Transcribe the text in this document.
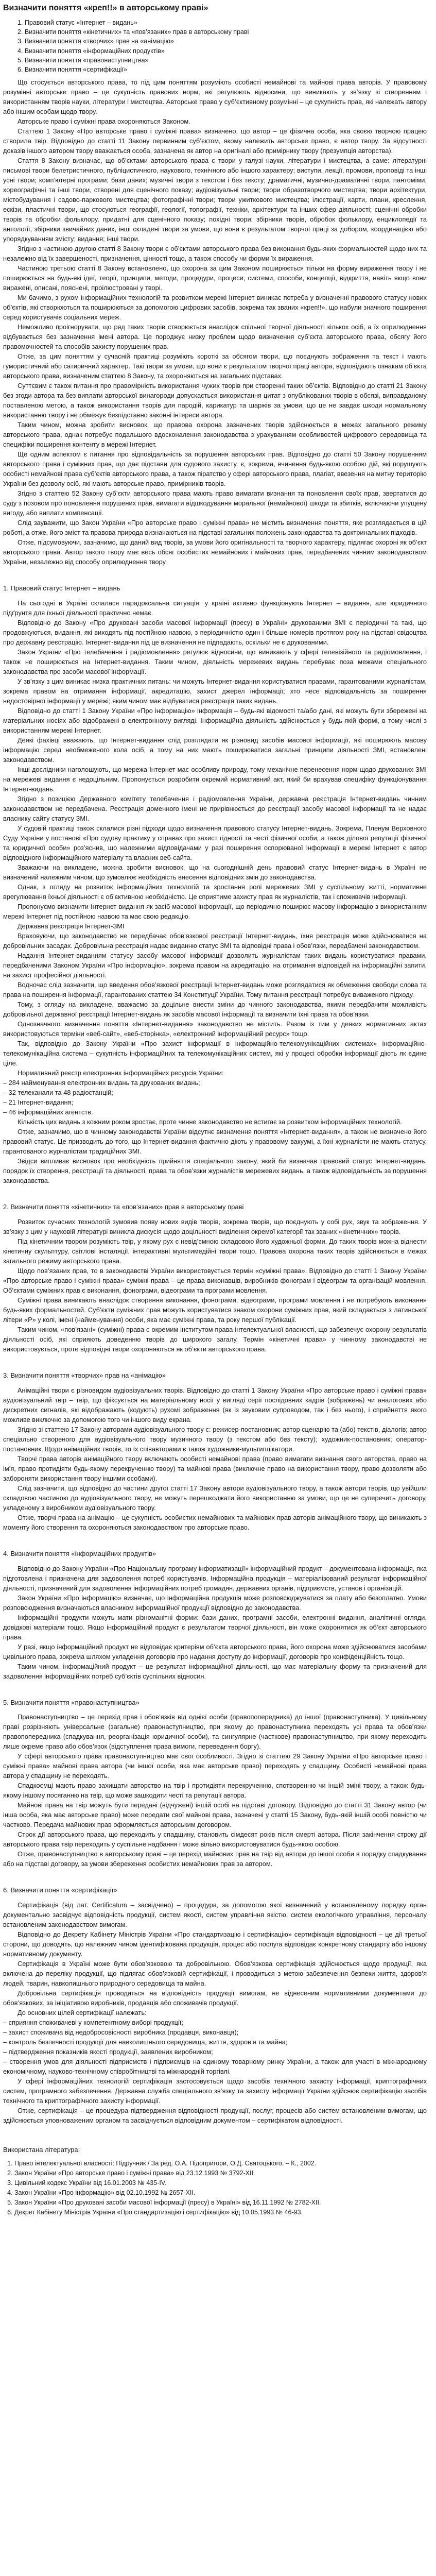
Визначити поняття «креп!!» в авторському праві»
1. Правовий статус «Інтернет – видань»
2. Визначити поняття «кінетичних» та «пов’язаних» прав в авторському праві
3. Визначити поняття «творчих» прав на «анімацію»
4. Визначити поняття «інформаційних продуктів»
5. Визначити поняття «правонаступництва»
6. Визначити поняття «сертифікації»

Що стосується авторського права, то під цим поняттям розуміють особисті немайнові та майнові права авторів. У правовому розумінні авторське право – це сукупність правових норм, які регулюють відносини, що виникають у зв’язку зі створенням і використанням творів науки, літератури і мистецтва. Авторське право у суб’єктивному розумінні – це сукупність прав, які належать автору або іншим особам щодо твору.

Авторське право і суміжні права охороняються Законом.

Статтею 1 Закону «Про авторське право і суміжні права» визначено, що автор – це фізична особа, яка своєю творчою працею створила твір. Відповідно до статті 11 Закону первинним суб’єктом, якому належить авторське право, є автор твору. За відсутності доказів іншого автором твору вважається особа, зазначена як автор на оригіналі або примірнику твору (презумпція авторства).

Стаття 8 Закону визначає, що об’єктами авторського права є твори у галузі науки, літератури і мистецтва, а саме: літературні письмові твори белетристичного, публіцистичного, наукового, технічного або іншого характеру; виступи, лекції, промови, проповіді та інші усні твори; комп’ютерні програми; бази даних; музичні твори з текстом і без тексту; драматичні, музично-драматичні твори, пантоміми, хореографічні та інші твори, створені для сценічного показу; аудіовізуальні твори; твори образотворчого мистецтва; твори архітектури, містобудування і садово-паркового мистецтва; фотографічні твори; твори ужиткового мистецтва; ілюстрації, карти, плани, креслення, ескізи, пластичні твори, що стосуються географії, геології, топографії, техніки, архітектури та інших сфер діяльності; сценічні обробки творів та обробки фольклору, придатні для сценічного показу; похідні твори; збірники творів, обробок фольклору, енциклопедії та антології, збірники звичайних даних, інші складені твори за умови, що вони є результатом творчої праці за добором, координацією або упорядкуванням змісту; видання; інші твори.

Згідно з частиною другою статті 8 Закону твори є об’єктами авторського права без виконання будь-яких формальностей щодо них та незалежно від їх завершеності, призначення, цінності тощо, а також способу чи форми їх вираження.

Частиною третьою статті 8 Закону встановлено, що охорона за цим Законом поширюється тільки на форму вираження твору і не поширюється на будь-які ідеї, теорії, принципи, методи, процедури, процеси, системи, способи, концепції, відкриття, навіть якщо вони виражені, описані, пояснені, проілюстровані у творі.

Ми бачимо, з рухом інформаційних технологій та розвитком мережі Інтернет виникає потреба у визначенні правового статусу нових об’єктів, які створюються та поширюються за допомогою цифрових засобів, зокрема так званих «креп!!», що набули значного поширення серед користувачів соціальних мереж.

Неможливо проігнорувати, що ряд таких творів створюється внаслідок спільної творчої діяльності кількох осіб, а їх оприлюднення відбувається без зазначення імені автора. Це породжує низку проблем щодо визначення суб’єкта авторського права, обсягу його правомочностей та способів захисту порушених прав.

Отже, за цим поняттям у сучасній практиці розуміють короткі за обсягом твори, що поєднують зображення та текст і мають гумористичний або сатиричний характер. Такі твори за умови, що вони є результатом творчої праці автора, відповідають ознакам об’єкта авторського права, визначеним статтею 8 Закону, та охороняються на загальних підставах.

Суттєвим є також питання про правомірність використання чужих творів при створенні таких об’єктів. Відповідно до статті 21 Закону без згоди автора та без виплати авторської винагороди допускається використання цитат з опублікованих творів в обсязі, виправданому поставленою метою, а також використання творів для пародій, карикатур та шаржів за умови, що це не завдає шкоди нормальному використанню твору і не обмежує безпідставно законні інтереси автора.

Таким чином, можна зробити висновок, що правова охорона зазначених творів здійснюється в межах загального режиму авторського права, однак потребує подальшого вдосконалення законодавства з урахуванням особливостей цифрового середовища та специфіки поширення контенту в мережі Інтернет.

Ще одним аспектом є питання про відповідальність за порушення авторських прав. Відповідно до статті 50 Закону порушенням авторського права і суміжних прав, що дає підстави для судового захисту, є, зокрема, вчинення будь-якою особою дій, які порушують особисті немайнові права суб’єктів авторського права, а також піратство у сфері авторського права, плагіат, ввезення на митну територію України без дозволу осіб, які мають авторське право, примірників творів.

Згідно з статтею 52 Закону суб’єкти авторського права мають право вимагати визнання та поновлення своїх прав, звертатися до суду з позовом про поновлення порушених прав, вимагати відшкодування моральної (немайнової) шкоди та збитків, включаючи упущену вигоду, або виплати компенсації.

Слід зауважити, що Закон України «Про авторське право і суміжні права» не містить визначення поняття, яке розглядається в цій роботі, а отже, його зміст та правова природа визначаються на підставі загальних положень законодавства та доктринальних підходів.

Отже, підсумовуючи, зазначимо, що даний вид творів, за умови його оригінальності та творчого характеру, підлягає охороні як об’єкт авторського права. Автор такого твору має весь обсяг особистих немайнових і майнових прав, передбачених чинним законодавством України, незалежно від способу оприлюднення твору.

1. Правовий статус Інтернет – видань

На сьогодні в Україні склалася парадоксальна ситуація: у країні активно функціонують Інтернет – видання, але юридичного підґрунтя для їхньої діяльності практично немає.

Відповідно до Закону «Про друковані засоби масової інформації (пресу) в Україні» друкованими ЗМІ є періодичні та такі, що продовжуються, видання, які виходять під постійною назвою, з періодичністю один і більше номерів протягом року на підставі свідоцтва про державну реєстрацію. Інтернет-видання під це визначення не підпадають, оскільки не є друкованими.

Закон України «Про телебачення і радіомовлення» регулює відносини, що виникають у сфері телевізійного та радіомовлення, і також не поширюється на Інтернет-видання. Таким чином, діяльність мережевих видань перебуває поза межами спеціального законодавства про засоби масової інформації.

У зв’язку з цим виникає низка практичних питань: чи можуть Інтернет-видання користуватися правами, гарантованими журналістам, зокрема правом на отримання інформації, акредитацію, захист джерел інформації; хто несе відповідальність за поширення недостовірної інформації у мережі; яким чином має відбуватися реєстрація таких видань.

Відповідно до статті 1 Закону України «Про інформацію» інформація – будь-які відомості та/або дані, які можуть бути збережені на матеріальних носіях або відображені в електронному вигляді. Інформаційна діяльність здійснюється у будь-якій формі, в тому числі з використанням мережі Інтернет.

Деякі фахівці вважають, що Інтернет-видання слід розглядати як різновид засобів масової інформації, які поширюють масову інформацію серед необмеженого кола осіб, а тому на них мають поширюватися загальні принципи діяльності ЗМІ, встановлені законодавством.

Інші дослідники наголошують, що мережа Інтернет має особливу природу, тому механічне перенесення норм щодо друкованих ЗМІ на мережеві видання є недоцільним. Пропонується розробити окремий нормативний акт, який би врахував специфіку функціонування Інтернет-видань.

Згідно з позицією Державного комітету телебачення і радіомовлення України, державна реєстрація Інтернет-видань чинним законодавством не передбачена. Реєстрація доменного імені не прирівнюється до реєстрації засобу масової інформації та не надає власнику сайту статусу ЗМІ.

У судовій практиці також склалися різні підходи щодо визначення правового статусу Інтернет-видань. Зокрема, Пленум Верховного Суду України у постанові «Про судову практику у справах про захист гідності та честі фізичної особи, а також ділової репутації фізичної та юридичної особи» роз’яснив, що належними відповідачами у разі поширення оспорюваної інформації в мережі Інтернет є автор відповідного інформаційного матеріалу та власник веб-сайта.

Зважаючи на викладене, можна зробити висновок, що на сьогоднішній день правовий статус Інтернет-видань в Україні не визначений належним чином, що зумовлює необхідність внесення відповідних змін до законодавства.

Однак, з огляду на розвиток інформаційних технологій та зростання ролі мережевих ЗМІ у суспільному житті, нормативне врегулювання їхньої діяльності є об’єктивною необхідністю. Це сприятиме захисту прав як журналістів, так і споживачів інформації.

Пропонуємо визначити Інтернет-видання як засіб масової інформації, що періодично поширює масову інформацію з використанням мережі Інтернет під постійною назвою та має свою редакцію.

Державна реєстрація Інтернет-ЗМІ

Враховуючи, що законодавство не передбачає обов’язкової реєстрації Інтернет-видань, їхня реєстрація може здійснюватися на добровільних засадах. Добровільна реєстрація надає виданню статус ЗМІ та відповідні права і обов’язки, передбачені законодавством.

Надання Інтернет-виданням статусу засобу масової інформації дозволить журналістам таких видань користуватися правами, передбаченими Законом України «Про інформацію», зокрема правом на акредитацію, на отримання відповідей на інформаційні запити, на захист професійної діяльності.

Водночас слід зазначити, що введення обов’язкової реєстрації Інтернет-видань може розглядатися як обмеження свободи слова та права на поширення інформації, гарантованих статтею 34 Конституції України. Тому питання реєстрації потребує виваженого підходу.

Тому, з огляду на викладене, вважаємо за доцільне внести зміни до чинного законодавства, якими передбачити можливість добровільної державної реєстрації Інтернет-видань як засобів масової інформації та визначити їхні права та обов’язки.

Однозначного визначення поняття «Інтернет-видання» законодавство не містить. Разом із тим у деяких нормативних актах використовуються терміни «веб-сайт», «веб-сторінка», «електронний інформаційний ресурс» тощо.

Так, відповідно до Закону України «Про захист інформації в інформаційно-телекомунікаційних системах» інформаційно-телекомунікаційна система – сукупність інформаційних та телекомунікаційних систем, які у процесі обробки інформації діють як єдине ціле.

Нормативний реєстр електронних інформаційних ресурсів України:

– 284 найменування електронних видань та друкованих видань;

– 32 телеканали та 48 радіостанцій;

– 21 Інтернет-видання;

– 46 інформаційних агентств.

Кількість цих видань з кожним роком зростає, проте чинне законодавство не встигає за розвитком інформаційних технологій.

Отже, зазначимо, що в чинному законодавстві України відсутнє визначення поняття «Інтернет-видання», а також не визначено його правовий статус. Це призводить до того, що Інтернет-видання фактично діють у правовому вакуумі, а їхні журналісти не мають статусу, гарантованого журналістам традиційних ЗМІ.

Звідси випливає висновок про необхідність прийняття спеціального закону, який би визначав правовий статус Інтернет-видань, порядок їх створення, реєстрації та діяльності, права та обов’язки журналістів мережевих видань, а також відповідальність за порушення законодавства.

2. Визначити поняття «кінетичних» та «пов’язаних» прав в авторському праві

Розвиток сучасних технологій зумовив появу нових видів творів, зокрема творів, що поєднують у собі рух, звук та зображення. У зв’язку з цим у науковій літературі виникла дискусія щодо доцільності виділення окремої категорії так званих «кінетичних» творів.

Під кінетичним твором розуміють твір, у якому рух є невід’ємною складовою його художньої форми. До таких творів можна віднести кінетичну скульптуру, світлові інсталяції, інтерактивні мультимедійні твори тощо. Правова охорона таких творів здійснюється в межах загального режиму авторського права.

Щодо пов’язаних прав, то в законодавстві України використовується термін «суміжні права». Відповідно до статті 1 Закону України «Про авторське право і суміжні права» суміжні права – це права виконавців, виробників фонограм і відеограм та організацій мовлення. Об’єктами суміжних прав є виконання, фонограми, відеограми та програми мовлення.

Суміжні права виникають внаслідок створення виконання, фонограми, відеограми, програми мовлення і не потребують виконання будь-яких формальностей. Суб’єкти суміжних прав можуть користуватися знаком охорони суміжних прав, який складається з латинської літери «P» у колі, імені (найменування) особи, яка має суміжні права, та року першої публікації.

Таким чином, «пов’язані» (суміжні) права є окремим інститутом права інтелектуальної власності, що забезпечує охорону результатів діяльності осіб, які сприяють доведенню творів до широкого загалу. Термін «кінетичні права» у чинному законодавстві не використовується, проте відповідні твори охороняються як об’єкти авторського права.

3. Визначити поняття «творчих» прав на «анімацію»

Анімаційні твори є різновидом аудіовізуальних творів. Відповідно до статті 1 Закону України «Про авторське право і суміжні права» аудіовізуальний твір – твір, що фіксується на матеріальному носії у вигляді серії послідовних кадрів (зображень) чи аналогових або дискретних сигналів, які відображають (кодують) рухомі зображення (як із звуковим супроводом, так і без нього), і сприйняття якого можливе виключно за допомогою того чи іншого виду екрана.

Згідно зі статтею 17 Закону авторами аудіовізуального твору є: режисер-постановник; автор сценарію та (або) текстів, діалогів; автор спеціально створеного для аудіовізуального твору музичного твору (з текстом або без тексту); художник-постановник; оператор-постановник. Щодо анімаційних творів, то їх співавторами є також художники-мультиплікатори.

Творчі права авторів анімаційного твору включають особисті немайнові права (право вимагати визнання свого авторства, право на ім’я, право протидіяти будь-якому перекрученню твору) та майнові права (виключне право на використання твору, право дозволяти або забороняти використання твору іншими особами).

Слід зазначити, що відповідно до частини другої статті 17 Закону автори аудіовізуального твору, а також автори творів, що увійшли складовою частиною до аудіовізуального твору, не можуть перешкоджати його використанню за умови, що це не суперечить договору, укладеному з виробником аудіовізуального твору.

Отже, творчі права на анімацію – це сукупність особистих немайнових та майнових прав авторів анімаційного твору, що виникають з моменту його створення та охороняються законодавством про авторське право.

4. Визначити поняття «інформаційних продуктів»

Відповідно до Закону України «Про Національну програму інформатизації» інформаційний продукт – документована інформація, яка підготовлена і призначена для задоволення потреб користувачів. Інформаційна продукція – матеріалізований результат інформаційної діяльності, призначений для задоволення інформаційних потреб громадян, державних органів, підприємств, установ і організацій.

Закон України «Про інформацію» визначає, що інформаційна продукція може розповсюджуватися за плату або безоплатно. Умови розповсюдження визначаються власником інформаційної продукції відповідно до законодавства.

Інформаційні продукти можуть мати різноманітні форми: бази даних, програмні засоби, електронні видання, аналітичні огляди, довідкові матеріали тощо. Якщо інформаційний продукт є результатом творчої діяльності, він може охоронятися як об’єкт авторського права.

У разі, якщо інформаційний продукт не відповідає критеріям об’єкта авторського права, його охорона може здійснюватися засобами цивільного права, зокрема шляхом укладення договорів про надання доступу до інформації, договорів про конфіденційність тощо.

Таким чином, інформаційний продукт – це результат інформаційної діяльності, що має матеріальну форму та призначений для задоволення інформаційних потреб суб’єктів суспільних відносин.

5. Визначити поняття «правонаступництва»

Правонаступництво – це перехід прав і обов’язків від однієї особи (правопопередника) до іншої (правонаступника). У цивільному праві розрізняють універсальне (загальне) правонаступництво, при якому до правонаступника переходять усі права та обов’язки правопопередника (спадкування, реорганізація юридичної особи), та сингулярне (часткове) правонаступництво, при якому переходить лише окреме право або обов’язок (відступлення права вимоги, переведення боргу).

У сфері авторського права правонаступництво має свої особливості. Згідно зі статтею 29 Закону України «Про авторське право і суміжні права» майнові права автора (чи іншої особи, яка має авторське право) переходять у спадщину. Особисті немайнові права автора у спадщину не переходять.

Спадкоємці мають право захищати авторство на твір і протидіяти перекрученню, спотворенню чи іншій зміні твору, а також будь-якому іншому посяганню на твір, що може зашкодити честі та репутації автора.

Майнові права на твір можуть бути передані (відчужені) іншій особі на підставі договору. Відповідно до статті 31 Закону автор (чи інша особа, яка має авторське право) може передати свої майнові права, зазначені у статті 15 Закону, будь-якій іншій особі повністю чи частково. Передача майнових прав оформляється авторським договором.

Строк дії авторського права, що переходить у спадщину, становить сімдесят років після смерті автора. Після закінчення строку дії авторського права твір переходить у суспільне надбання і може вільно використовуватися будь-якою особою.

Отже, правонаступництво в авторському праві – це перехід майнових прав на твір від автора до іншої особи в порядку спадкування або на підставі договору, за умови збереження особистих немайнових прав за автором.

6. Визначити поняття «сертифікації»

Сертифікація (від лат. Certificatum – засвідчено) – процедура, за допомогою якої визначений у встановленому порядку орган документально засвідчує відповідність продукції, систем якості, систем управління якістю, систем екологічного управління, персоналу встановленим законодавством вимогам.

Відповідно до Декрету Кабінету Міністрів України «Про стандартизацію і сертифікацію» сертифікація відповідності – це дії третьої сторони, що доводять, що належним чином ідентифікована продукція, процес або послуга відповідає конкретному стандарту або іншому нормативному документу.

Сертифікація в Україні може бути обов’язковою та добровільною. Обов’язкова сертифікація здійснюється щодо продукції, яка включена до переліку продукції, що підлягає обов’язковій сертифікації, і проводиться з метою забезпечення безпеки життя, здоров’я людей, тварин, навколишнього природного середовища та майна.

Добровільна сертифікація проводиться на відповідність продукції вимогам, не віднесеним нормативними документами до обов’язкових, за ініціативою виробників, продавців або споживачів продукції.

До основних цілей сертифікації належать:

– сприяння споживачеві у компетентному виборі продукції;

– захист споживача від недобросовісності виробника (продавця, виконавця);

– контроль безпечності продукції для навколишнього середовища, життя, здоров’я та майна;

– підтвердження показників якості продукції, заявлених виробником;

– створення умов для діяльності підприємств і підприємців на єдиному товарному ринку України, а також для участі в міжнародному економічному, науково-технічному співробітництві та міжнародній торгівлі.

У сфері інформаційних технологій сертифікація застосовується щодо засобів технічного захисту інформації, криптографічних систем, програмного забезпечення. Державна служба спеціального зв’язку та захисту інформації України здійснює сертифікацію засобів технічного та криптографічного захисту інформації.

Отже, сертифікація – це процедура підтвердження відповідності продукції, послуг, процесів або систем встановленим вимогам, що здійснюється уповноваженим органом та засвідчується відповідним документом – сертифікатом відповідності.

Використана література:
1. Право інтелектуальної власності: Підручник / За ред. О.А. Підопригори, О.Д. Святоцького. – К., 2002.
2. Закон України «Про авторське право і суміжні права» від 23.12.1993 № 3792-XII.
3. Цивільний кодекс України від 16.01.2003 № 435-IV.
4. Закон України «Про інформацію» від 02.10.1992 № 2657-XII.
5. Закон України «Про друковані засоби масової інформації (пресу) в Україні» від 16.11.1992 № 2782-XII.
6. Декрет Кабінету Міністрів України «Про стандартизацію і сертифікацію» від 10.05.1993 № 46-93.
